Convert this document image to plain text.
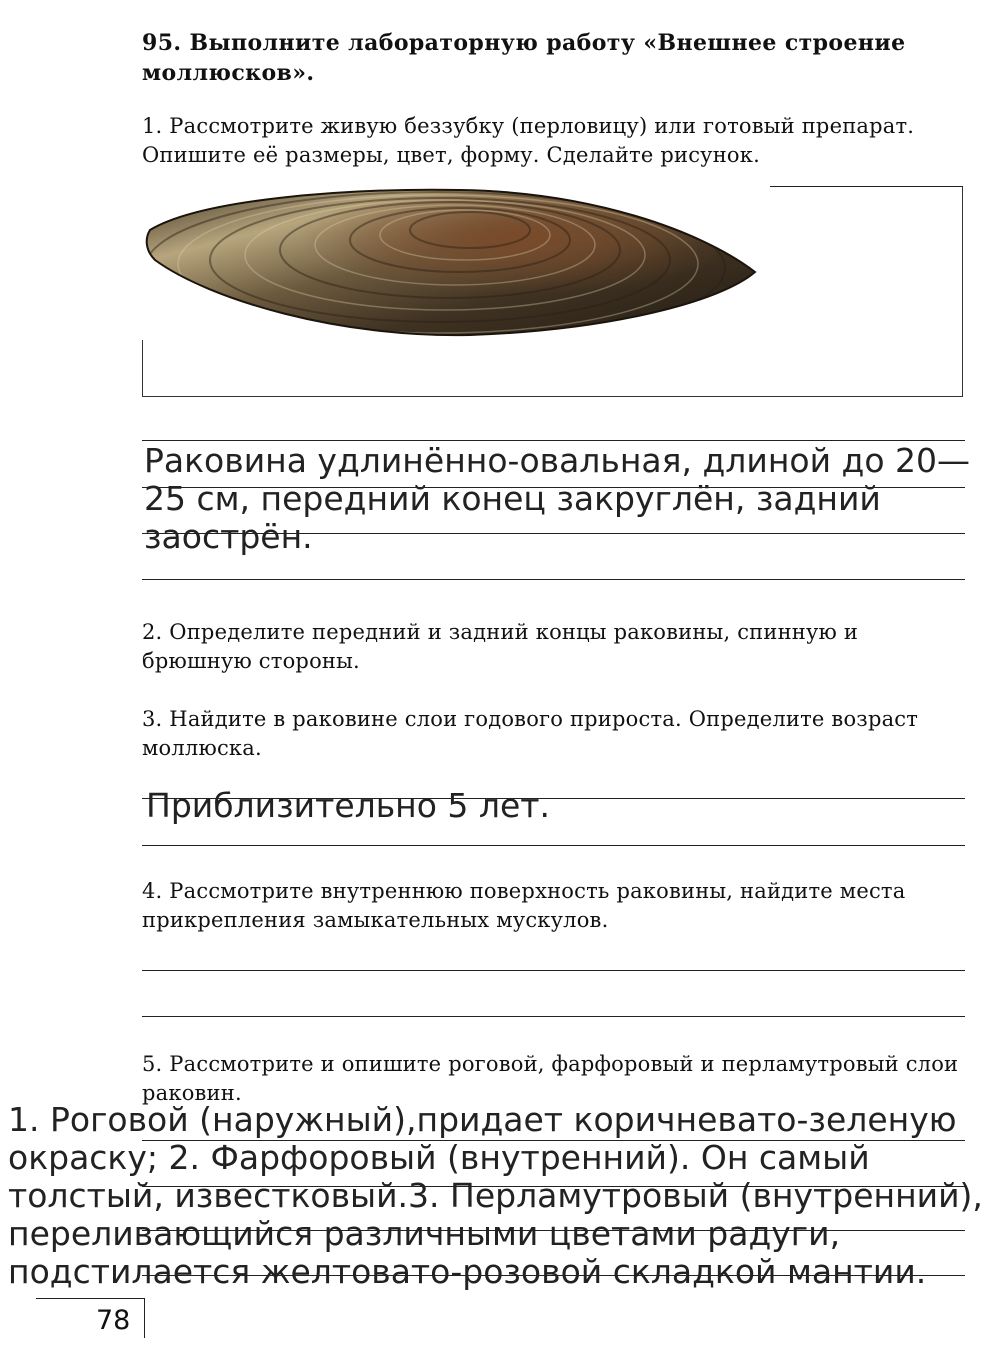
95. Выполните лабораторную работу «Внешнее строение моллюсков».
1. Рассмотрите живую беззубку (перловицу) или готовый препарат. Опишите её размеры, цвет, форму. Сделайте рисунок.
Раковина удлинённо-овальная, длиной до 20—
25 см, передний конец закруглён, задний
заострён.
2. Определите передний и задний концы раковины, спинную и брюшную стороны.
3. Найдите в раковине слои годового прироста. Определите возраст моллюска.
Приблизительно 5 лет.
4. Рассмотрите внутреннюю поверхность раковины, найдите места прикрепления замыкательных мускулов.
5. Рассмотрите и опишите роговой, фарфоровый и перламутровый слои раковин.
1. Роговой (наружный),придает коричневато-зеленую
окраску; 2. Фарфоровый (внутренний). Он самый
толстый, известковый.3. Перламутровый (внутренний),
переливающийся различными цветами радуги,
подстилается желтовато-розовой складкой мантии.
78
